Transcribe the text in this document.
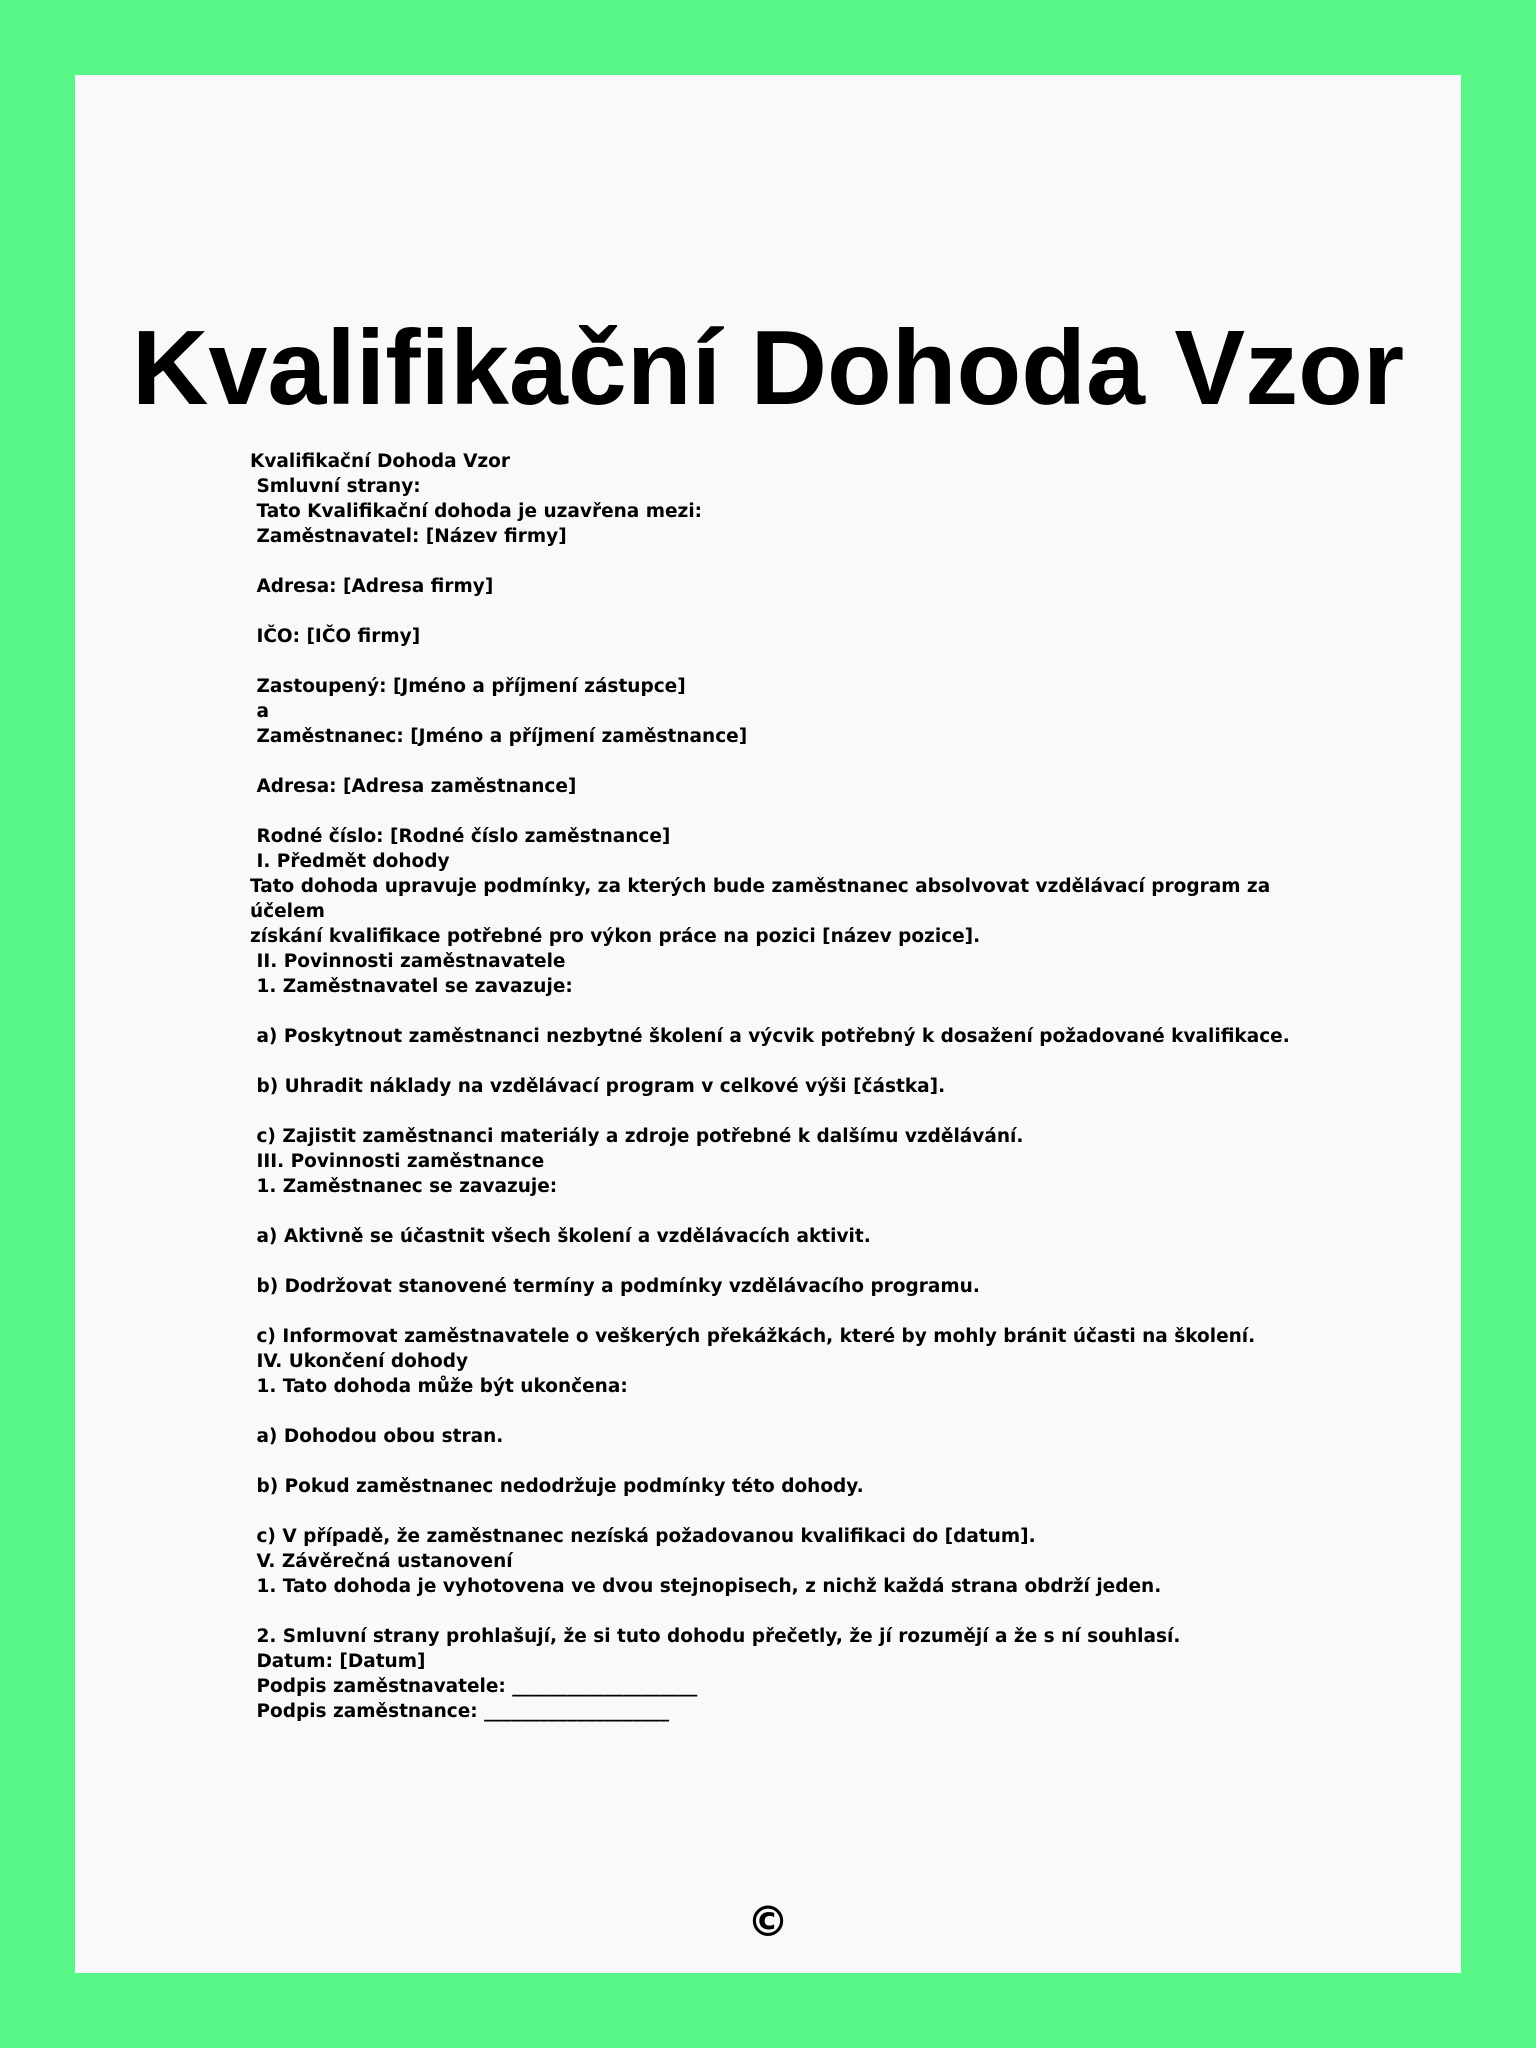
Kvalifikační Dohoda Vzor
Kvalifikační Dohoda Vzor
Smluvní strany:
Tato Kvalifikační dohoda je uzavřena mezi:
Zaměstnavatel: [Název firmy]
Adresa: [Adresa firmy]
IČO: [IČO firmy]
Zastoupený: [Jméno a příjmení zástupce]
a
Zaměstnanec: [Jméno a příjmení zaměstnance]
Adresa: [Adresa zaměstnance]
Rodné číslo: [Rodné číslo zaměstnance]
I. Předmět dohody
Tato dohoda upravuje podmínky, za kterých bude zaměstnanec absolvovat vzdělávací program za účelem
získání kvalifikace potřebné pro výkon práce na pozici [název pozice].
II. Povinnosti zaměstnavatele
1. Zaměstnavatel se zavazuje:
a) Poskytnout zaměstnanci nezbytné školení a výcvik potřebný k dosažení požadované kvalifikace.
b) Uhradit náklady na vzdělávací program v celkové výši [částka].
c) Zajistit zaměstnanci materiály a zdroje potřebné k dalšímu vzdělávání.
III. Povinnosti zaměstnance
1. Zaměstnanec se zavazuje:
a) Aktivně se účastnit všech školení a vzdělávacích aktivit.
b) Dodržovat stanovené termíny a podmínky vzdělávacího programu.
c) Informovat zaměstnavatele o veškerých překážkách, které by mohly bránit účasti na školení.
IV. Ukončení dohody
1. Tato dohoda může být ukončena:
a) Dohodou obou stran.
b) Pokud zaměstnanec nedodržuje podmínky této dohody.
c) V případě, že zaměstnanec nezíská požadovanou kvalifikaci do [datum].
V. Závěrečná ustanovení
1. Tato dohoda je vyhotovena ve dvou stejnopisech, z nichž každá strana obdrží jeden.
2. Smluvní strany prohlašují, že si tuto dohodu přečetly, že jí rozumějí a že s ní souhlasí.
Datum: [Datum]
Podpis zaměstnavatele: ____________________
Podpis zaměstnance: ____________________
©
